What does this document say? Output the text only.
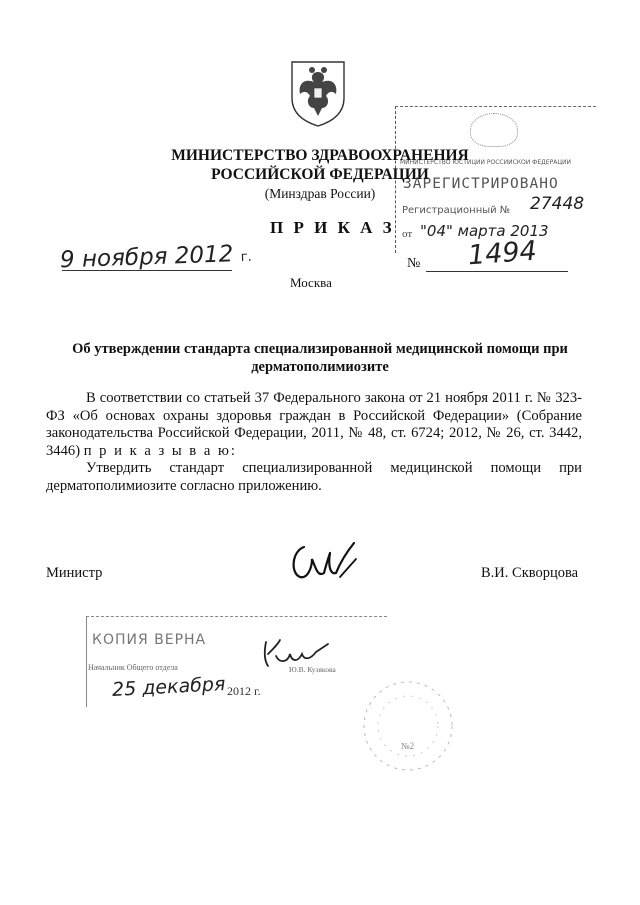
МИНИСТЕРСТВО ЮСТИЦИИ РОССИЙСКОЙ ФЕДЕРАЦИИ
ЗАРЕГИСТРИРОВАНО
Регистрационный № 27448
от "04" марта 2013
МИНИСТЕРСТВО ЗДРАВООХРАНЕНИЯ
РОССИЙСКОЙ ФЕДЕРАЦИИ
(Минздрав России)
П Р И К А З
9 ноября 2012 г.	№ 1494
Москва
Об утверждении стандарта специализированной медицинской помощи при дерматополимиозите

В соответствии со статьей 37 Федерального закона от 21 ноября 2011 г. № 323-ФЗ «Об основах охраны здоровья граждан в Российской Федерации» (Собрание законодательства Российской Федерации, 2011, № 48, ст. 6724; 2012, № 26, ст. 3442, 3446) п р и к а з ы в а ю:

Утвердить стандарт специализированной медицинской помощи при дерматополимиозите согласно приложению.

Министр	В.И. Скворцова
КОПИЯ ВЕРНА
Начальник Общего отдела	Ю.В. Кузякова
25 декабря 2012 г.
№2
